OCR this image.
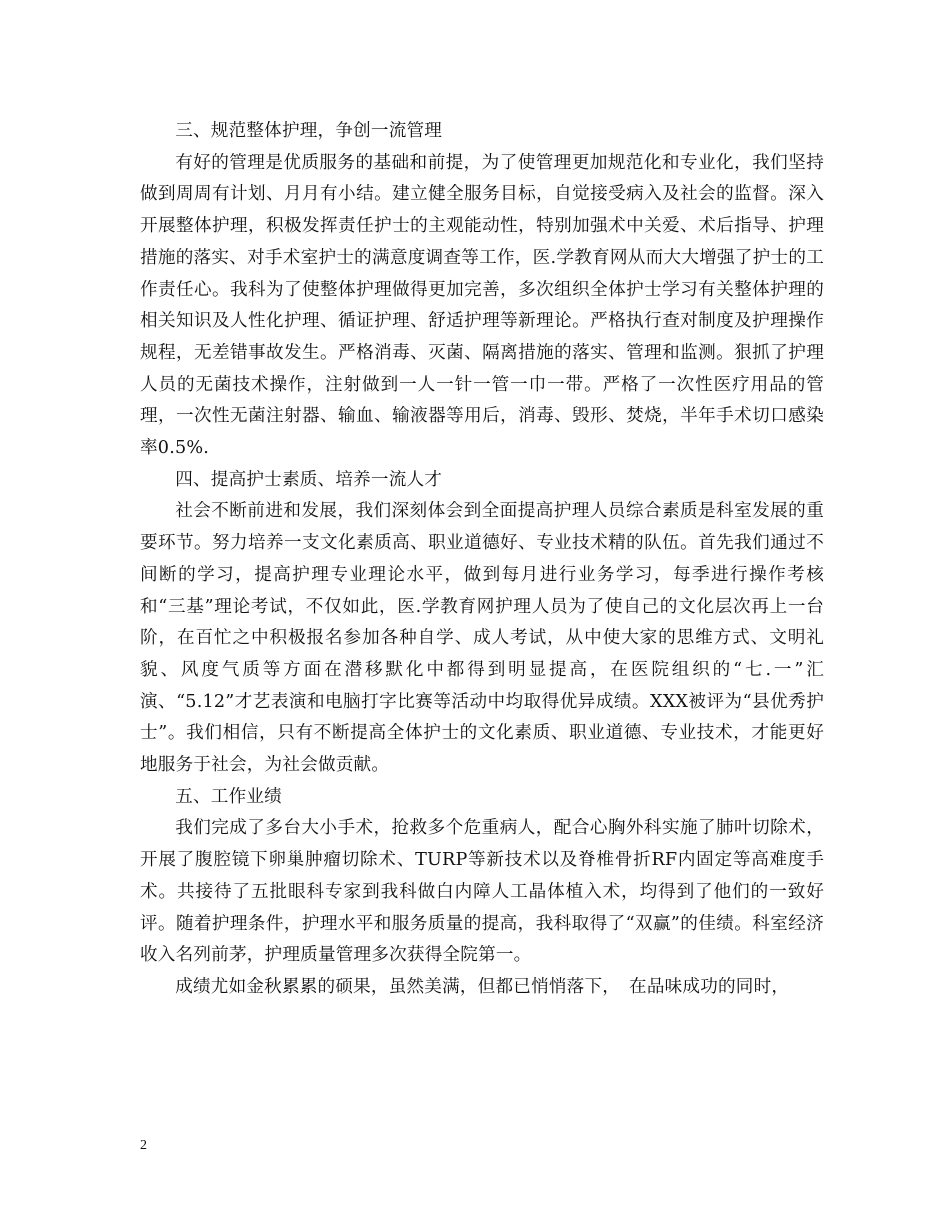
三、规范整体护理，争创一流管理

有好的管理是优质服务的基础和前提，为了使管理更加规范化和专业化，我们坚持做到周周有计划、月月有小结。建立健全服务目标，自觉接受病入及社会的监督。深入开展整体护理，积极发挥责任护士的主观能动性，特别加强术中关爱、术后指导、护理措施的落实、对手术室护士的满意度调查等工作，医.学教育网从而大大增强了护士的工作责任心。我科为了使整体护理做得更加完善，多次组织全体护士学习有关整体护理的相关知识及人性化护理、循证护理、舒适护理等新理论。严格执行查对制度及护理操作规程，无差错事故发生。严格消毒、灭菌、隔离措施的落实、管理和监测。狠抓了护理人员的无菌技术操作，注射做到一人一针一管一巾一带。严格了一次性医疗用品的管理，一次性无菌注射器、输血、输液器等用后，消毒、毁形、焚烧，半年手术切口感染率0.5%.

四、提高护士素质、培养一流人才

社会不断前进和发展，我们深刻体会到全面提高护理人员综合素质是科室发展的重要环节。努力培养一支文化素质高、职业道德好、专业技术精的队伍。首先我们通过不间断的学习，提高护理专业理论水平，做到每月进行业务学习，每季进行操作考核和“三基”理论考试，不仅如此，医.学教育网护理人员为了使自己的文化层次再上一台阶，在百忙之中积极报名参加各种自学、成人考试，从中使大家的思维方式、文明礼貌、风度气质等方面在潜移默化中都得到明显提高，在医院组织的“七.一”汇演、“5.12”才艺表演和电脑打字比赛等活动中均取得优异成绩。XXX被评为“县优秀护士”。我们相信，只有不断提高全体护士的文化素质、职业道德、专业技术，才能更好地服务于社会，为社会做贡献。

五、工作业绩

我们完成了多台大小手术，抢救多个危重病人，配合心胸外科实施了肺叶切除术，开展了腹腔镜下卵巢肿瘤切除术、TURP等新技术以及脊椎骨折RF内固定等高难度手术。共接待了五批眼科专家到我科做白内障人工晶体植入术，均得到了他们的一致好评。随着护理条件，护理水平和服务质量的提高，我科取得了“双赢”的佳绩。科室经济收入名列前茅，护理质量管理多次获得全院第一。

成绩尤如金秋累累的硕果，虽然美满，但都已悄悄落下，　在品味成功的同时，

2
